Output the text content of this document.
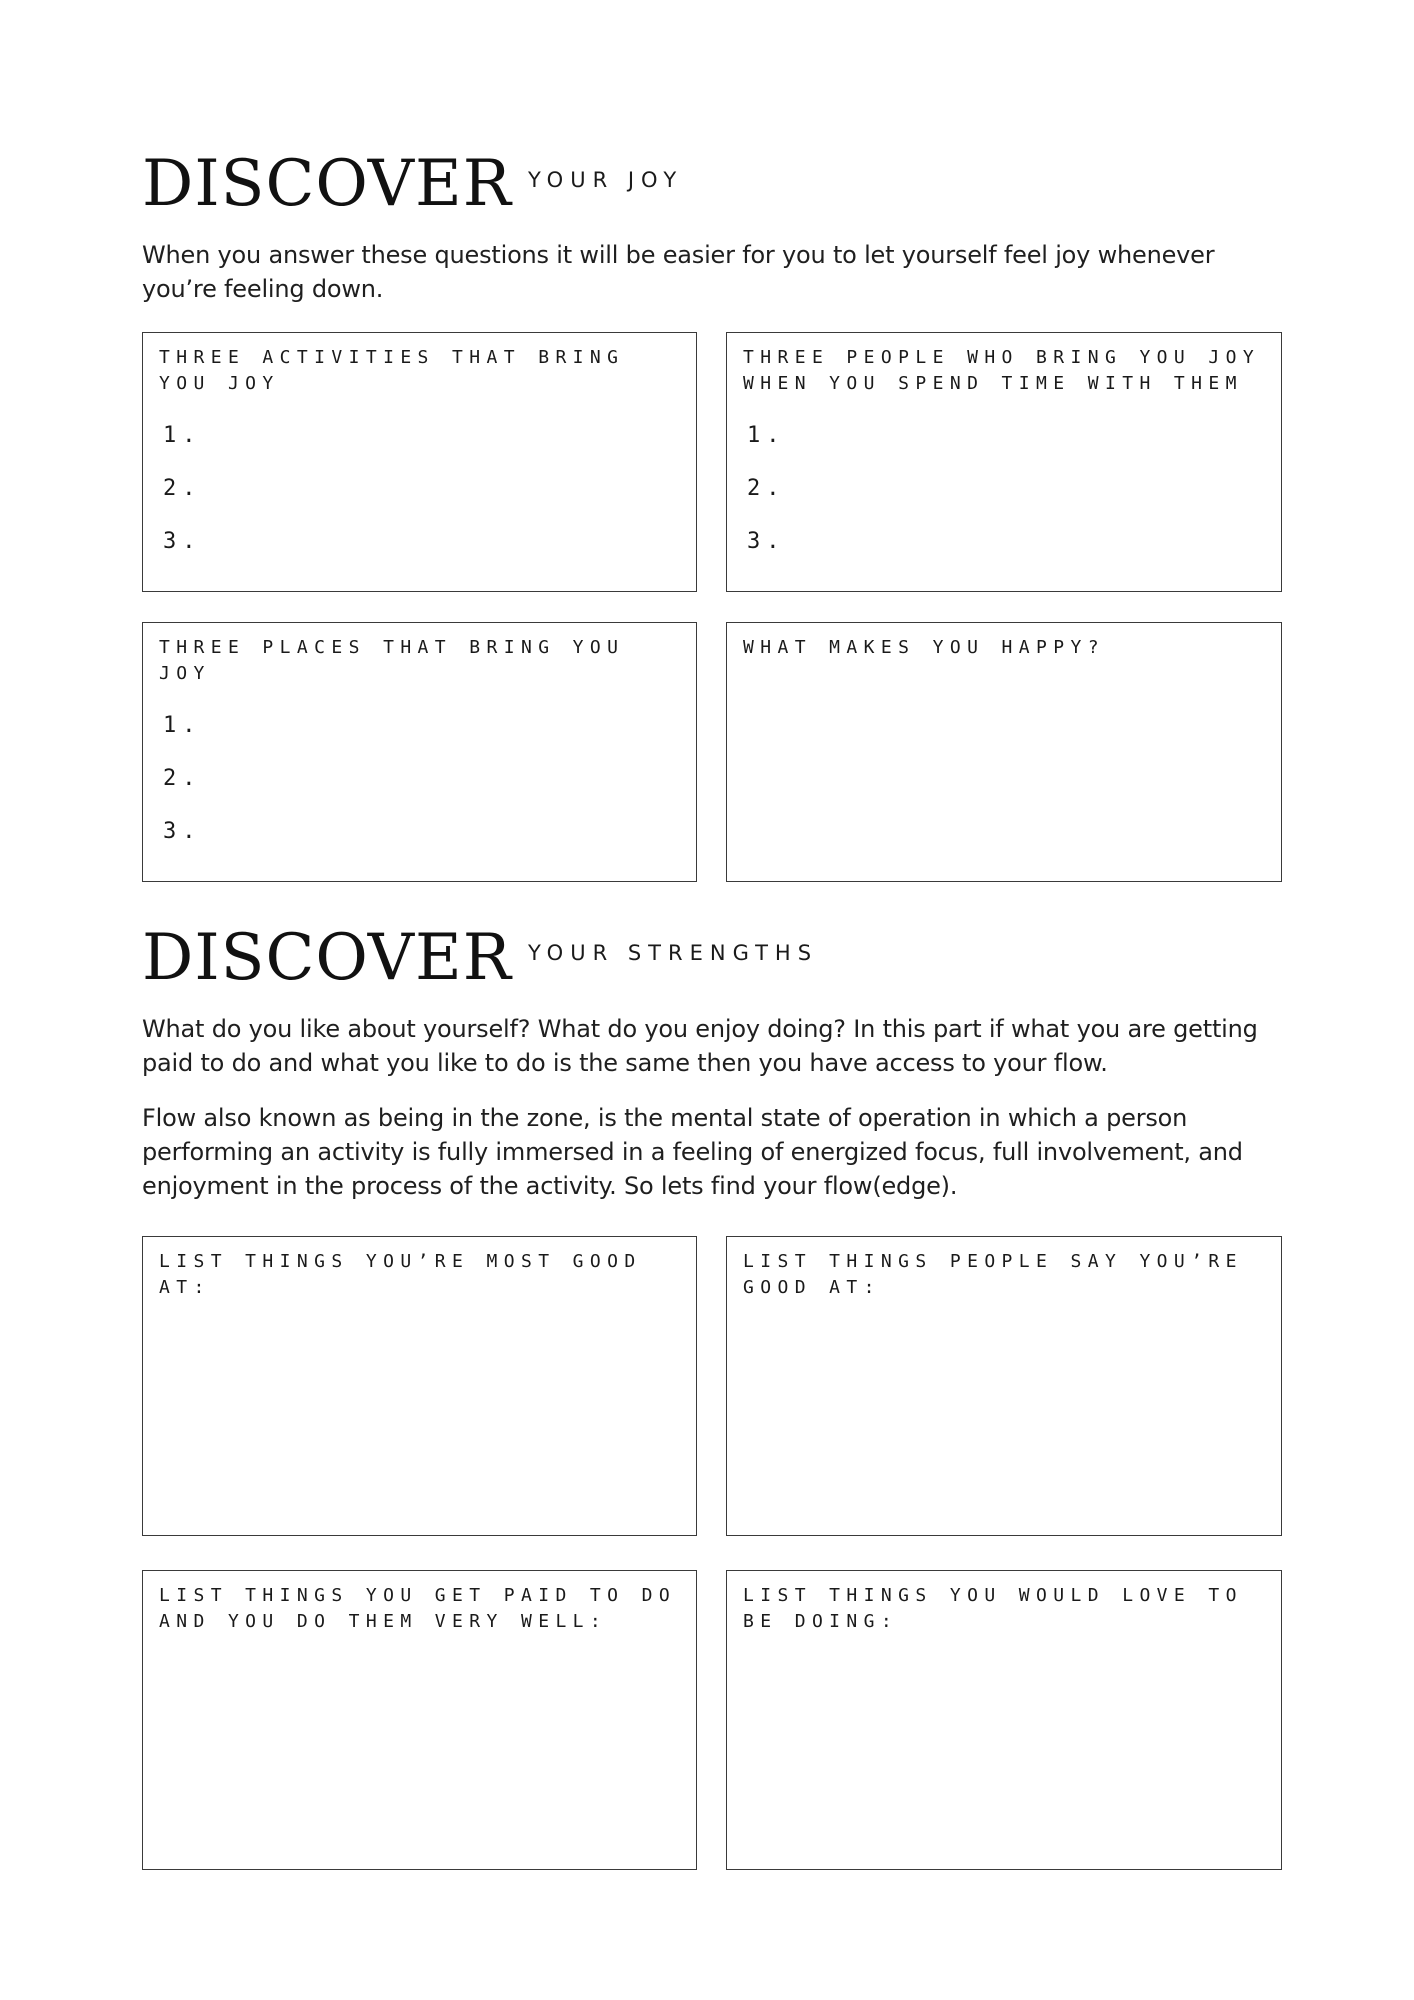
DISCOVER YOUR JOY

When you answer these questions it will be easier for you to let yourself feel joy whenever you’re feeling down.

THREE ACTIVITIES THAT BRING YOU JOY
1.
2.
3.
THREE PEOPLE WHO BRING YOU JOY WHEN YOU SPEND TIME WITH THEM
1.
2.
3.
THREE PLACES THAT BRING YOU JOY
1.
2.
3.
WHAT MAKES YOU HAPPY?
DISCOVER YOUR STRENGTHS

What do you like about yourself? What do you enjoy doing? In this part if what you are getting paid to do and what you like to do is the same then you have access to your flow.

Flow also known as being in the zone, is the mental state of operation in which a person performing an activity is fully immersed in a feeling of energized focus, full involvement, and enjoyment in the process of the activity. So lets find your flow(edge).

LIST THINGS YOU’RE MOST GOOD AT:
LIST THINGS PEOPLE SAY YOU’RE GOOD AT:
LIST THINGS YOU GET PAID TO DO AND YOU DO THEM VERY WELL:
LIST THINGS YOU WOULD LOVE TO BE DOING:
